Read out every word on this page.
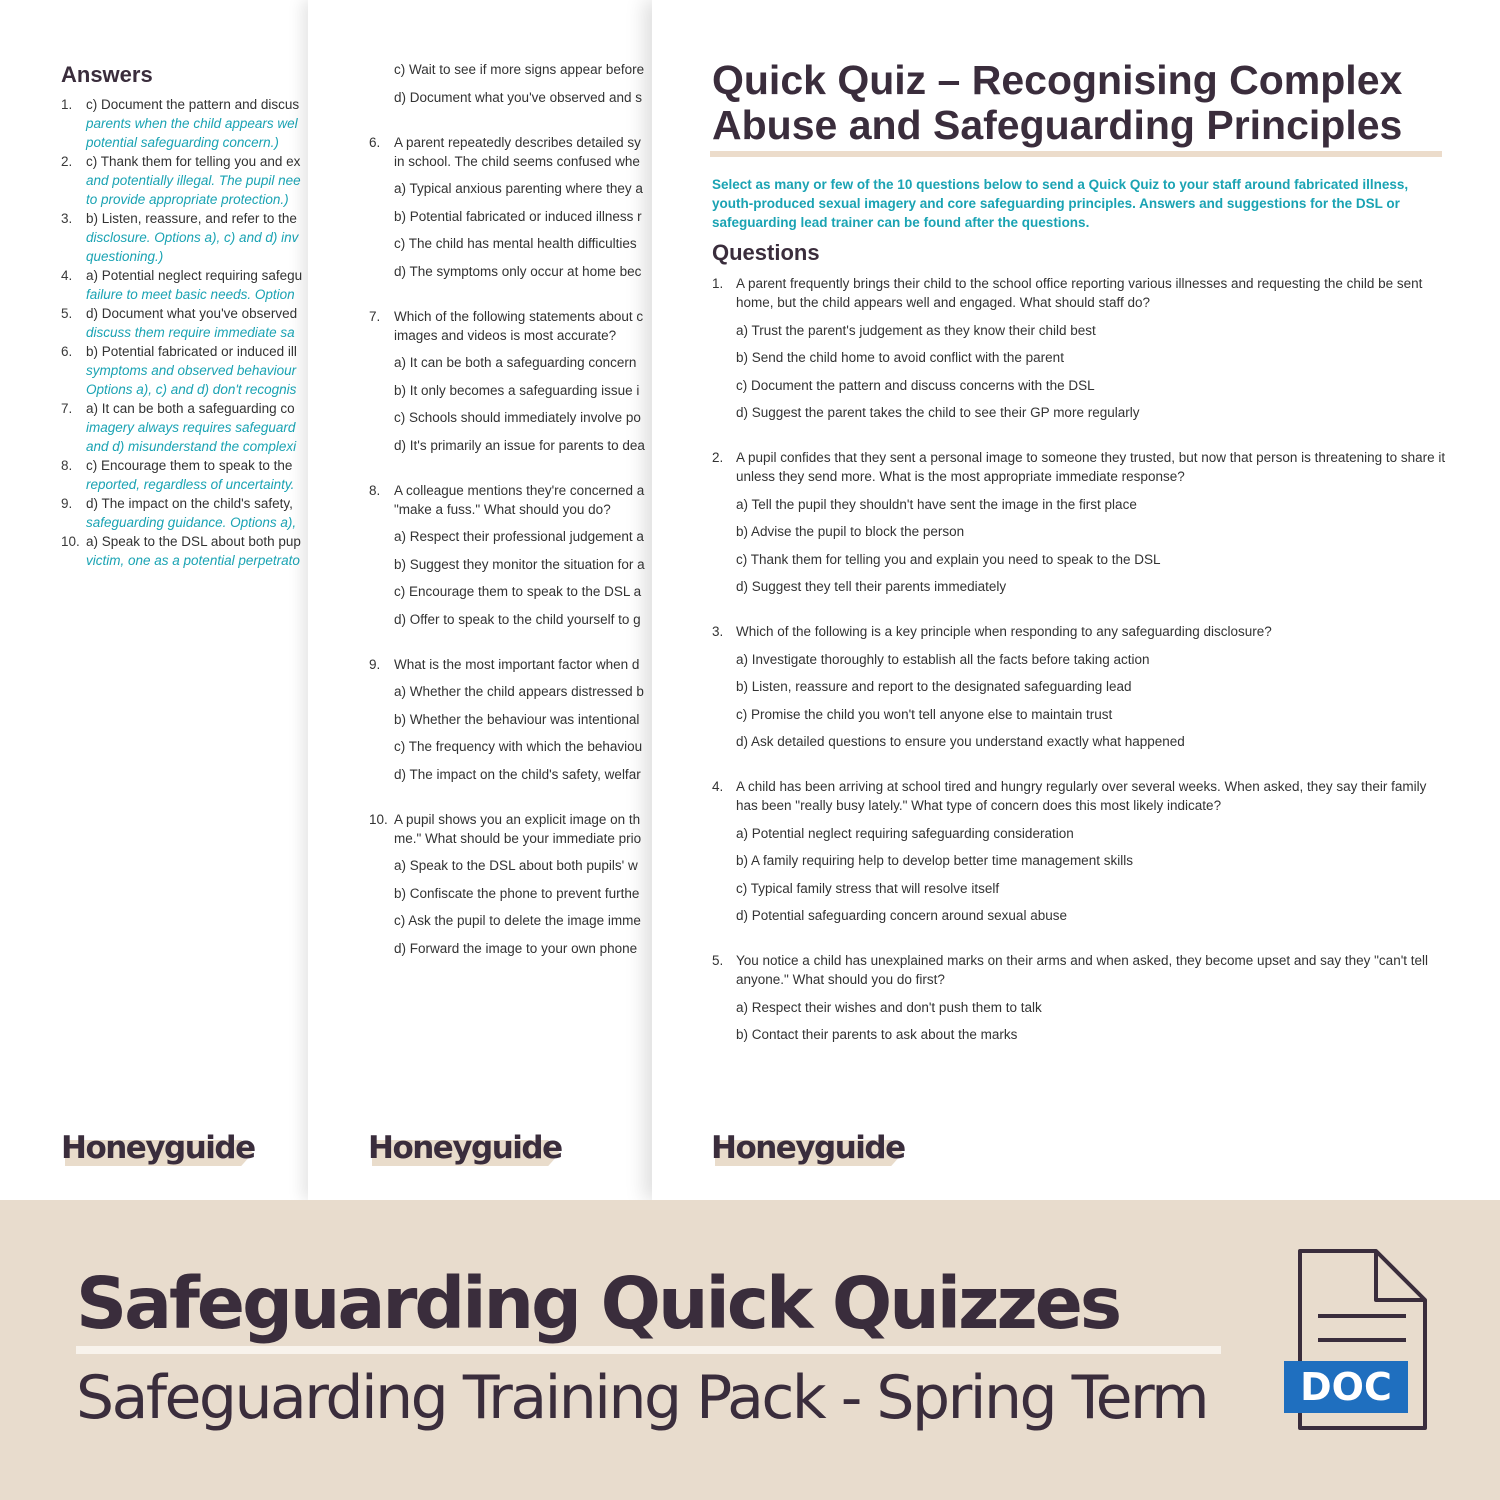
Answers
1. c) Document the pattern and discus
parents when the child appears wel
potential safeguarding concern.)
2. c) Thank them for telling you and ex
and potentially illegal. The pupil nee
to provide appropriate protection.)
3. b) Listen, reassure, and refer to the
disclosure. Options a), c) and d) inv
questioning.)
4. a) Potential neglect requiring safegu
failure to meet basic needs. Option
5. d) Document what you've observed
discuss them require immediate sa
6. b) Potential fabricated or induced ill
symptoms and observed behaviour
Options a), c) and d) don't recognis
7. a) It can be both a safeguarding co
imagery always requires safeguard
and d) misunderstand the complexi
8. c) Encourage them to speak to the
reported, regardless of uncertainty.
9. d) The impact on the child's safety,
safeguarding guidance. Options a),
10. a) Speak to the DSL about both pup
victim, one as a potential perpetrato
Honeyguide
c) Wait to see if more signs appear before
d) Document what you've observed and s
6. A parent repeatedly describes detailed sy
in school. The child seems confused whe
a) Typical anxious parenting where they a
b) Potential fabricated or induced illness r
c) The child has mental health difficulties
d) The symptoms only occur at home bec
7. Which of the following statements about c
images and videos is most accurate?
a) It can be both a safeguarding concern
b) It only becomes a safeguarding issue i
c) Schools should immediately involve po
d) It's primarily an issue for parents to dea
8. A colleague mentions they're concerned a
"make a fuss." What should you do?
a) Respect their professional judgement a
b) Suggest they monitor the situation for a
c) Encourage them to speak to the DSL a
d) Offer to speak to the child yourself to g
9. What is the most important factor when d
a) Whether the child appears distressed b
b) Whether the behaviour was intentional
c) The frequency with which the behaviou
d) The impact on the child's safety, welfar
10. A pupil shows you an explicit image on th
me." What should be your immediate prio
a) Speak to the DSL about both pupils' w
b) Confiscate the phone to prevent furthe
c) Ask the pupil to delete the image imme
d) Forward the image to your own phone
Honeyguide
Quick Quiz – Recognising Complex Abuse and Safeguarding Principles
Select as many or few of the 10 questions below to send a Quick Quiz to your staff around fabricated illness, youth-produced sexual imagery and core safeguarding principles. Answers and suggestions for the DSL or safeguarding lead trainer can be found after the questions.
Questions
1. A parent frequently brings their child to the school office reporting various illnesses and requesting the child be sent home, but the child appears well and engaged. What should staff do?
a) Trust the parent's judgement as they know their child best
b) Send the child home to avoid conflict with the parent
c) Document the pattern and discuss concerns with the DSL
d) Suggest the parent takes the child to see their GP more regularly
2. A pupil confides that they sent a personal image to someone they trusted, but now that person is threatening to share it unless they send more. What is the most appropriate immediate response?
a) Tell the pupil they shouldn't have sent the image in the first place
b) Advise the pupil to block the person
c) Thank them for telling you and explain you need to speak to the DSL
d) Suggest they tell their parents immediately
3. Which of the following is a key principle when responding to any safeguarding disclosure?
a) Investigate thoroughly to establish all the facts before taking action
b) Listen, reassure and report to the designated safeguarding lead
c) Promise the child you won't tell anyone else to maintain trust
d) Ask detailed questions to ensure you understand exactly what happened
4. A child has been arriving at school tired and hungry regularly over several weeks. When asked, they say their family has been "really busy lately." What type of concern does this most likely indicate?
a) Potential neglect requiring safeguarding consideration
b) A family requiring help to develop better time management skills
c) Typical family stress that will resolve itself
d) Potential safeguarding concern around sexual abuse
5. You notice a child has unexplained marks on their arms and when asked, they become upset and say they "can't tell anyone." What should you do first?
a) Respect their wishes and don't push them to talk
b) Contact their parents to ask about the marks
Honeyguide
Safeguarding Quick Quizzes
Safeguarding Training Pack - Spring Term DOC
